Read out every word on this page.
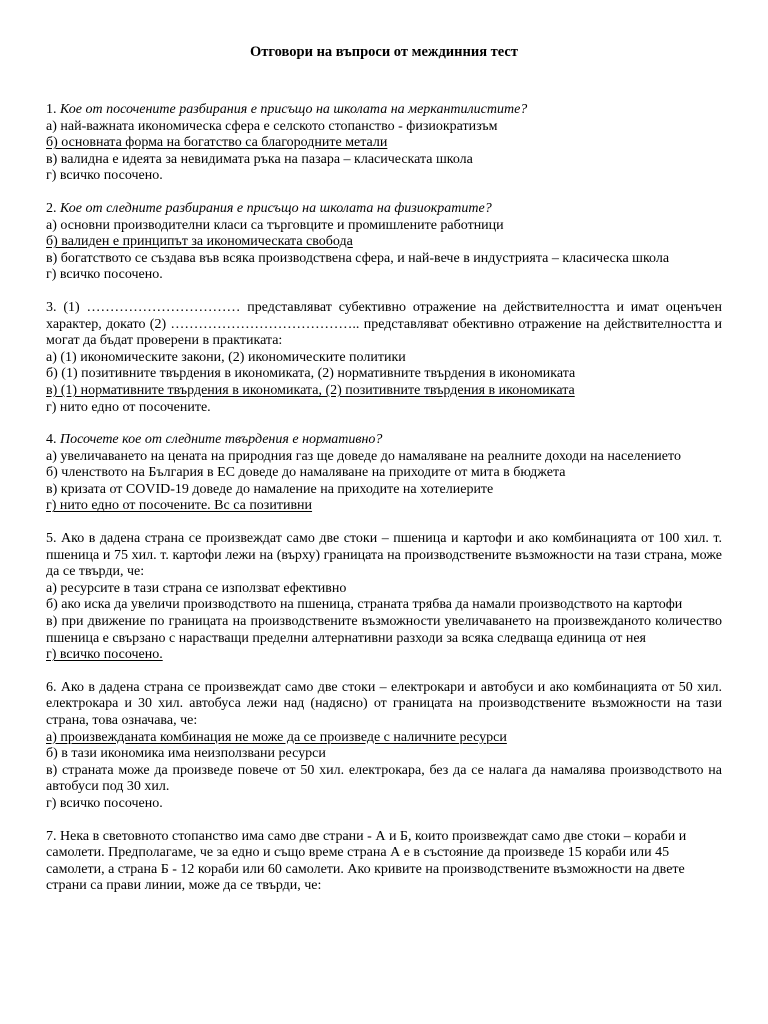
Отговори на въпроси от междинния тест

1. Кое от посочените разбирания е присъщо на школата на меркантилистите?

а) най-важната икономическа сфера е селското стопанство - физиократизъм

б) основната форма на богатство са благородните метали

в) валидна е идеята за невидимата ръка на пазара – класическата школа

г) всичко посочено.

2. Кое от следните разбирания е присъщо на школата на физиократите?

а) основни производителни класи са търговците и промишлените работници

б) валиден е принципът за икономическата свобода

в) богатството се създава във всяка производствена сфера, и най-вече в индустрията – класическа школа

г) всичко посочено.

3. (1) …………………………… представляват субективно отражение на действителността и имат оценъчен характер, докато (2) ………………………………….. представляват обективно отражение на действителността и могат да бъдат проверени в практиката:

а) (1) икономическите закони, (2) икономическите политики

б) (1) позитивните твърдения в икономиката, (2) нормативните твърдения в икономиката

в) (1) нормативните твърдения в икономиката, (2) позитивните твърдения в икономиката

г) нито едно от посочените.

4. Посочете кое от следните твърдения е нормативно?

а) увеличаването на цената на природния газ ще доведе до намаляване на реалните доходи на населението

б) членството на България в ЕС доведе до намаляване на приходите от мита в бюджета

в) кризата от COVID-19 доведе до намаление на приходите на хотелиерите

г) нито едно от посочените. Вс са позитивни

5. Ако в дадена страна се произвеждат само две стоки – пшеница и картофи и ако комбинацията от 100 хил. т. пшеница и 75 хил. т. картофи лежи на (върху) границата на производствените възможности на тази страна, може да се твърди, че:

а) ресурсите в тази страна се използват ефективно

б) ако иска да увеличи производството на пшеница, страната трябва да намали производството на картофи

в) при движение по границата на производствените възможности увеличаването на произвежданото количество пшеница е свързано с нарастващи пределни алтернативни разходи за всяка следваща единица от нея

г) всичко посочено.

6. Ако в дадена страна се произвеждат само две стоки – електрокари и автобуси и ако комбинацията от 50 хил. електрокара и 30 хил. автобуса лежи над (надясно) от границата на производствените възможности на тази страна, това означава, че:

а) произвежданата комбинация не може да се произведе с наличните ресурси

б) в тази икономика има неизползвани ресурси

в) страната може да произведе повече от 50 хил. електрокара, без да се налага да намалява производството на автобуси под 30 хил.

г) всичко посочено.

7. Нека в световното стопанство има само две страни - А и Б, които произвеждат само две стоки – кораби и самолети. Предполагаме, че за едно и също време страна А е в състояние да произведе 15 кораби или 45 самолети, а страна Б - 12 кораби или 60 самолети. Ако кривите на производствените възможности на двете страни са прави линии, може да се твърди, че:
